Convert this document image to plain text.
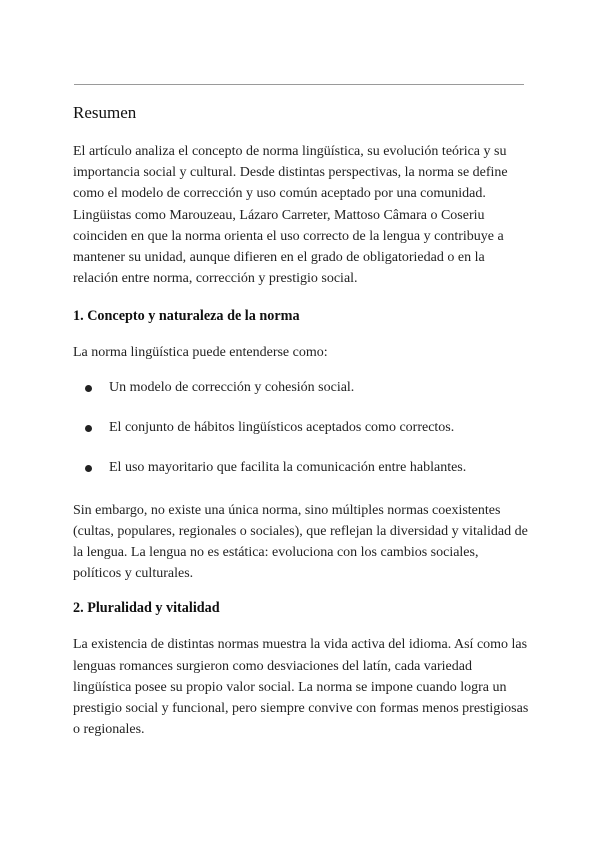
Resumen

El artículo analiza el concepto de norma lingüística, su evolución teórica y su importancia social y cultural. Desde distintas perspectivas, la norma se define como el modelo de corrección y uso común aceptado por una comunidad. Lingüistas como Marouzeau, Lázaro Carreter, Mattoso Câmara o Coseriu coinciden en que la norma orienta el uso correcto de la lengua y contribuye a mantener su unidad, aunque difieren en el grado de obligatoriedad o en la relación entre norma, corrección y prestigio social.

1. Concepto y naturaleza de la norma

La norma lingüística puede entenderse como:

Un modelo de corrección y cohesión social.
El conjunto de hábitos lingüísticos aceptados como correctos.
El uso mayoritario que facilita la comunicación entre hablantes.

Sin embargo, no existe una única norma, sino múltiples normas coexistentes (cultas, populares, regionales o sociales), que reflejan la diversidad y vitalidad de la lengua. La lengua no es estática: evoluciona con los cambios sociales, políticos y culturales.

2. Pluralidad y vitalidad

La existencia de distintas normas muestra la vida activa del idioma. Así como las lenguas romances surgieron como desviaciones del latín, cada variedad lingüística posee su propio valor social. La norma se impone cuando logra un prestigio social y funcional, pero siempre convive con formas menos prestigiosas o regionales.
